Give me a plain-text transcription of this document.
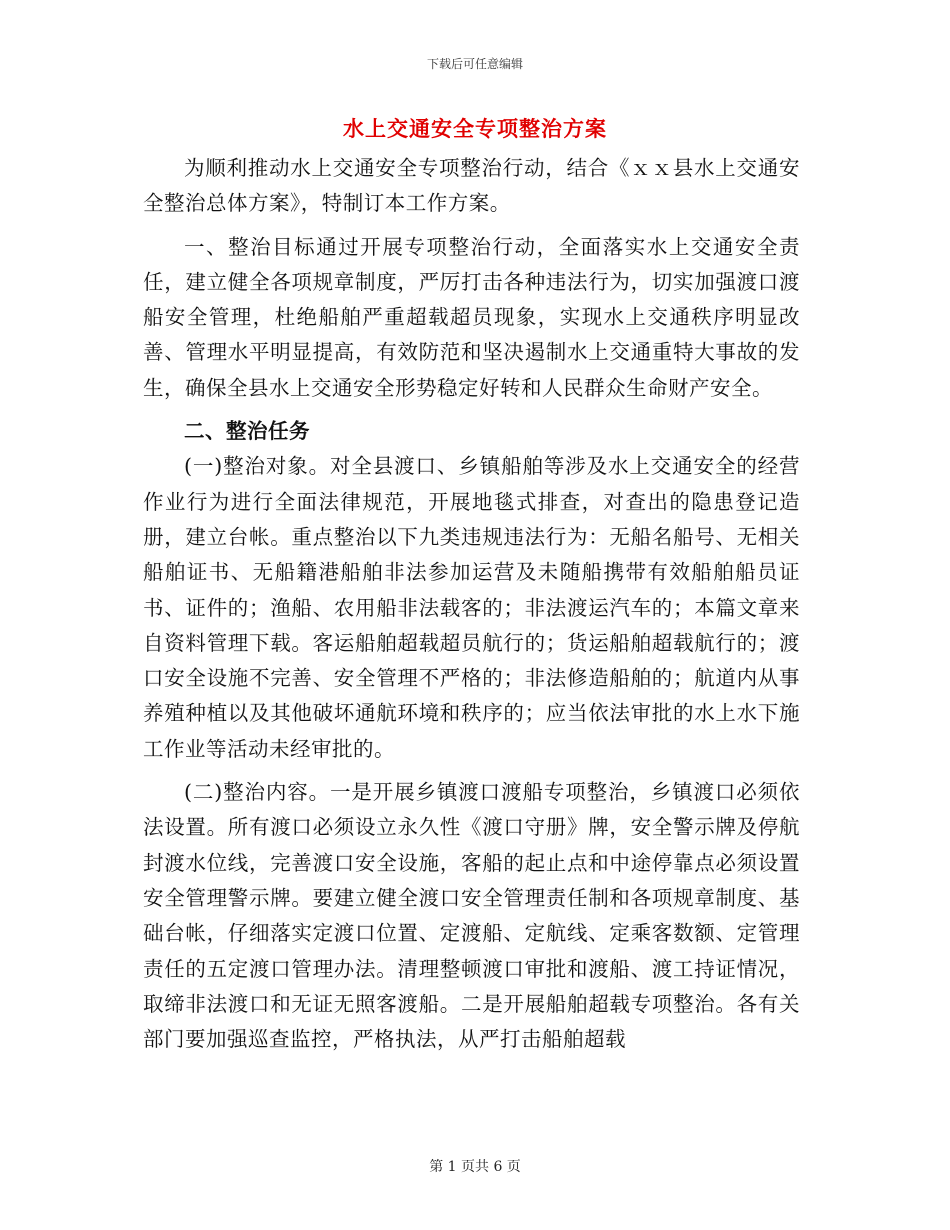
下载后可任意编辑
水上交通安全专项整治方案

为顺利推动水上交通安全专项整治行动，结合《ｘｘ县水上交通安全整治总体方案》，特制订本工作方案。

一、整治目标通过开展专项整治行动，全面落实水上交通安全责任，建立健全各项规章制度，严厉打击各种违法行为，切实加强渡口渡船安全管理，杜绝船舶严重超载超员现象，实现水上交通秩序明显改善、管理水平明显提高，有效防范和坚决遏制水上交通重特大事故的发生，确保全县水上交通安全形势稳定好转和人民群众生命财产安全。

二、整治任务

(一)整治对象。对全县渡口、乡镇船舶等涉及水上交通安全的经营作业行为进行全面法律规范，开展地毯式排查，对查出的隐患登记造册，建立台帐。重点整治以下九类违规违法行为：无船名船号、无相关船舶证书、无船籍港船舶非法参加运营及未随船携带有效船舶船员证书、证件的；渔船、农用船非法载客的；非法渡运汽车的；本篇文章来自资料管理下载。客运船舶超载超员航行的；货运船舶超载航行的；渡口安全设施不完善、安全管理不严格的；非法修造船舶的；航道内从事养殖种植以及其他破坏通航环境和秩序的；应当依法审批的水上水下施工作业等活动未经审批的。

(二)整治内容。一是开展乡镇渡口渡船专项整治，乡镇渡口必须依法设置。所有渡口必须设立永久性《渡口守册》牌，安全警示牌及停航封渡水位线，完善渡口安全设施，客船的起止点和中途停靠点必须设置安全管理警示牌。要建立健全渡口安全管理责任制和各项规章制度、基础台帐，仔细落实定渡口位置、定渡船、定航线、定乘客数额、定管理责任的五定渡口管理办法。清理整顿渡口审批和渡船、渡工持证情况，取缔非法渡口和无证无照客渡船。二是开展船舶超载专项整治。各有关部门要加强巡查监控，严格执法，从严打击船舶超载

第 1 页共 6 页
